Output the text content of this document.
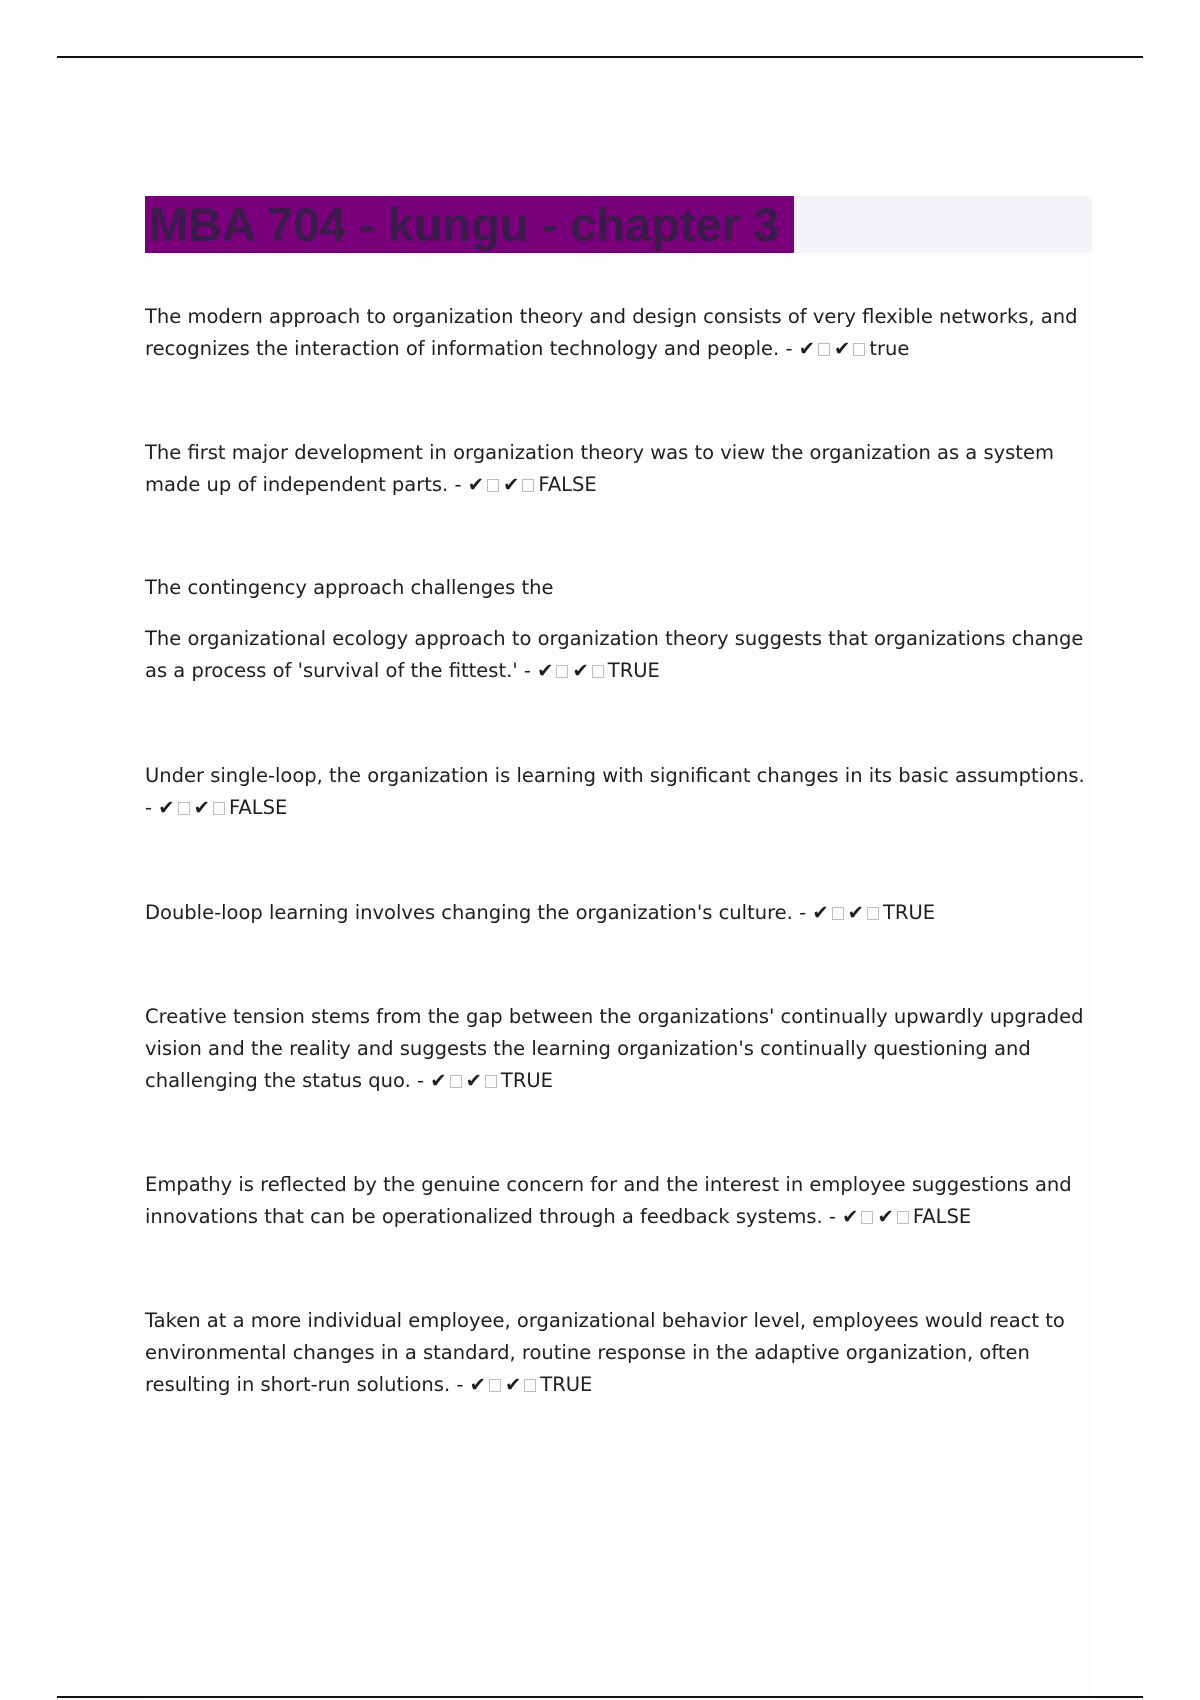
MBA 704 - kungu - chapter 3
The modern approach to organization theory and design consists of very flexible networks, and recognizes the interaction of information technology and people. - ✔ ✔ true
The first major development in organization theory was to view the organization as a system made up of independent parts. - ✔ ✔ FALSE
The contingency approach challenges the
The organizational ecology approach to organization theory suggests that organizations change as a process of 'survival of the fittest.' - ✔ ✔ TRUE
Under single-loop, the organization is learning with significant changes in its basic assumptions. - ✔ ✔ FALSE
Double-loop learning involves changing the organization's culture. - ✔ ✔ TRUE
Creative tension stems from the gap between the organizations' continually upwardly upgraded vision and the reality and suggests the learning organization's continually questioning and challenging the status quo. - ✔ ✔ TRUE
Empathy is reflected by the genuine concern for and the interest in employee suggestions and innovations that can be operationalized through a feedback systems. - ✔ ✔ FALSE
Taken at a more individual employee, organizational behavior level, employees would react to environmental changes in a standard, routine response in the adaptive organization, often resulting in short-run solutions. - ✔ ✔ TRUE
